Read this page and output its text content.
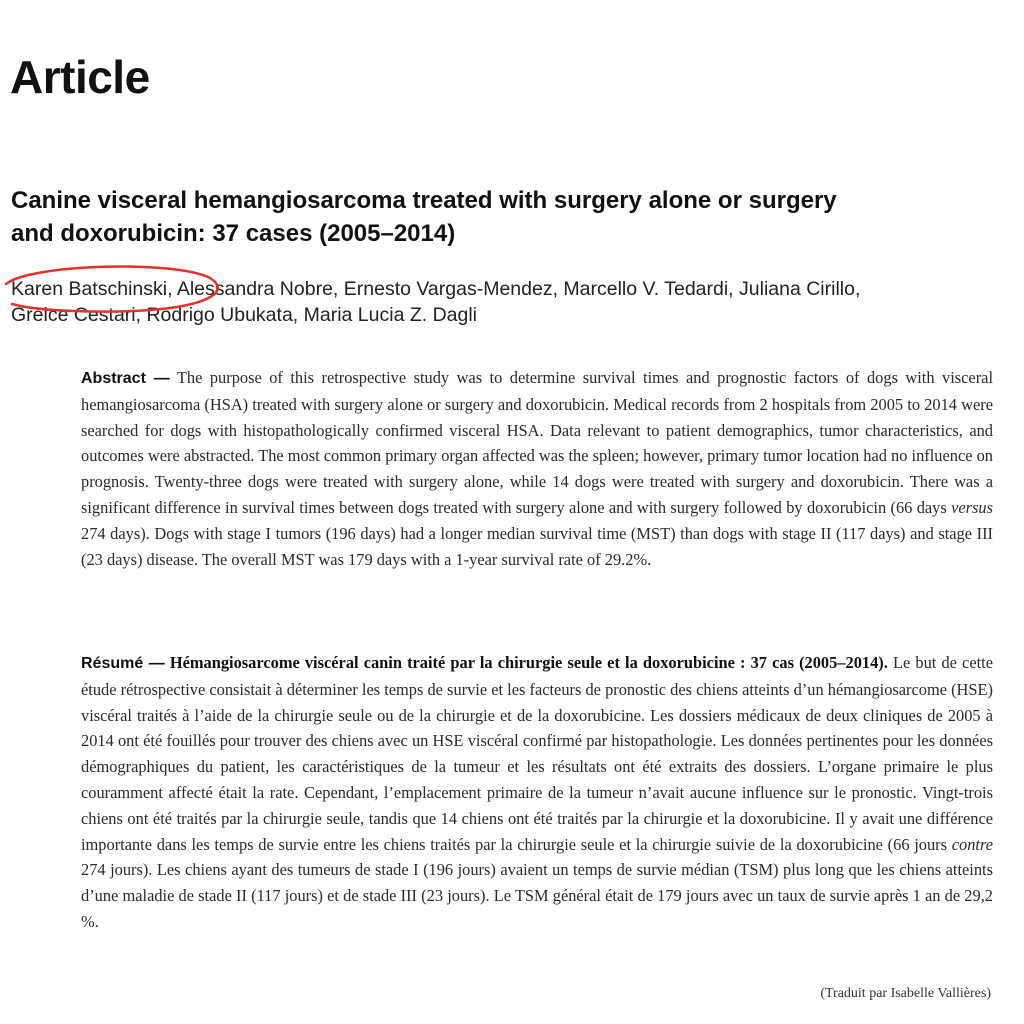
Article
Canine visceral hemangiosarcoma treated with surgery alone or surgery
and doxorubicin: 37 cases (2005–2014)
Karen Batschinski, Alessandra Nobre, Ernesto Vargas-Mendez, Marcello V. Tedardi, Juliana Cirillo,
Greice Cestari, Rodrigo Ubukata, Maria Lucia Z. Dagli
Abstract — The purpose of this retrospective study was to determine survival times and prognostic factors of dogs with visceral hemangiosarcoma (HSA) treated with surgery alone or surgery and doxorubicin. Medical records from 2 hospitals from 2005 to 2014 were searched for dogs with histopathologically confirmed visceral HSA. Data relevant to patient demographics, tumor characteristics, and outcomes were abstracted. The most common primary organ affected was the spleen; however, primary tumor location had no influence on prognosis. Twenty-three dogs were treated with surgery alone, while 14 dogs were treated with surgery and doxorubicin. There was a significant difference in survival times between dogs treated with surgery alone and with surgery followed by doxorubicin (66 days versus 274 days). Dogs with stage I tumors (196 days) had a longer median survival time (MST) than dogs with stage II (117 days) and stage III (23 days) disease. The overall MST was 179 days with a 1-year survival rate of 29.2%.
Résumé — Hémangiosarcome viscéral canin traité par la chirurgie seule et la doxorubicine : 37 cas (2005–2014). Le but de cette étude rétrospective consistait à déterminer les temps de survie et les facteurs de pronostic des chiens atteints d’un hémangiosarcome (HSE) viscéral traités à l’aide de la chirurgie seule ou de la chirurgie et de la doxorubicine. Les dossiers médicaux de deux cliniques de 2005 à 2014 ont été fouillés pour trouver des chiens avec un HSE viscéral confirmé par histopathologie. Les données pertinentes pour les données démographiques du patient, les caractéristiques de la tumeur et les résultats ont été extraits des dossiers. L’organe primaire le plus couramment affecté était la rate. Cependant, l’emplacement primaire de la tumeur n’avait aucune influence sur le pronostic. Vingt-trois chiens ont été traités par la chirurgie seule, tandis que 14 chiens ont été traités par la chirurgie et la doxorubicine. Il y avait une différence importante dans les temps de survie entre les chiens traités par la chirurgie seule et la chirurgie suivie de la doxorubicine (66 jours contre 274 jours). Les chiens ayant des tumeurs de stade I (196 jours) avaient un temps de survie médian (TSM) plus long que les chiens atteints d’une maladie de stade II (117 jours) et de stade III (23 jours). Le TSM général était de 179 jours avec un taux de survie après 1 an de 29,2 %.
(Traduit par Isabelle Vallières)
